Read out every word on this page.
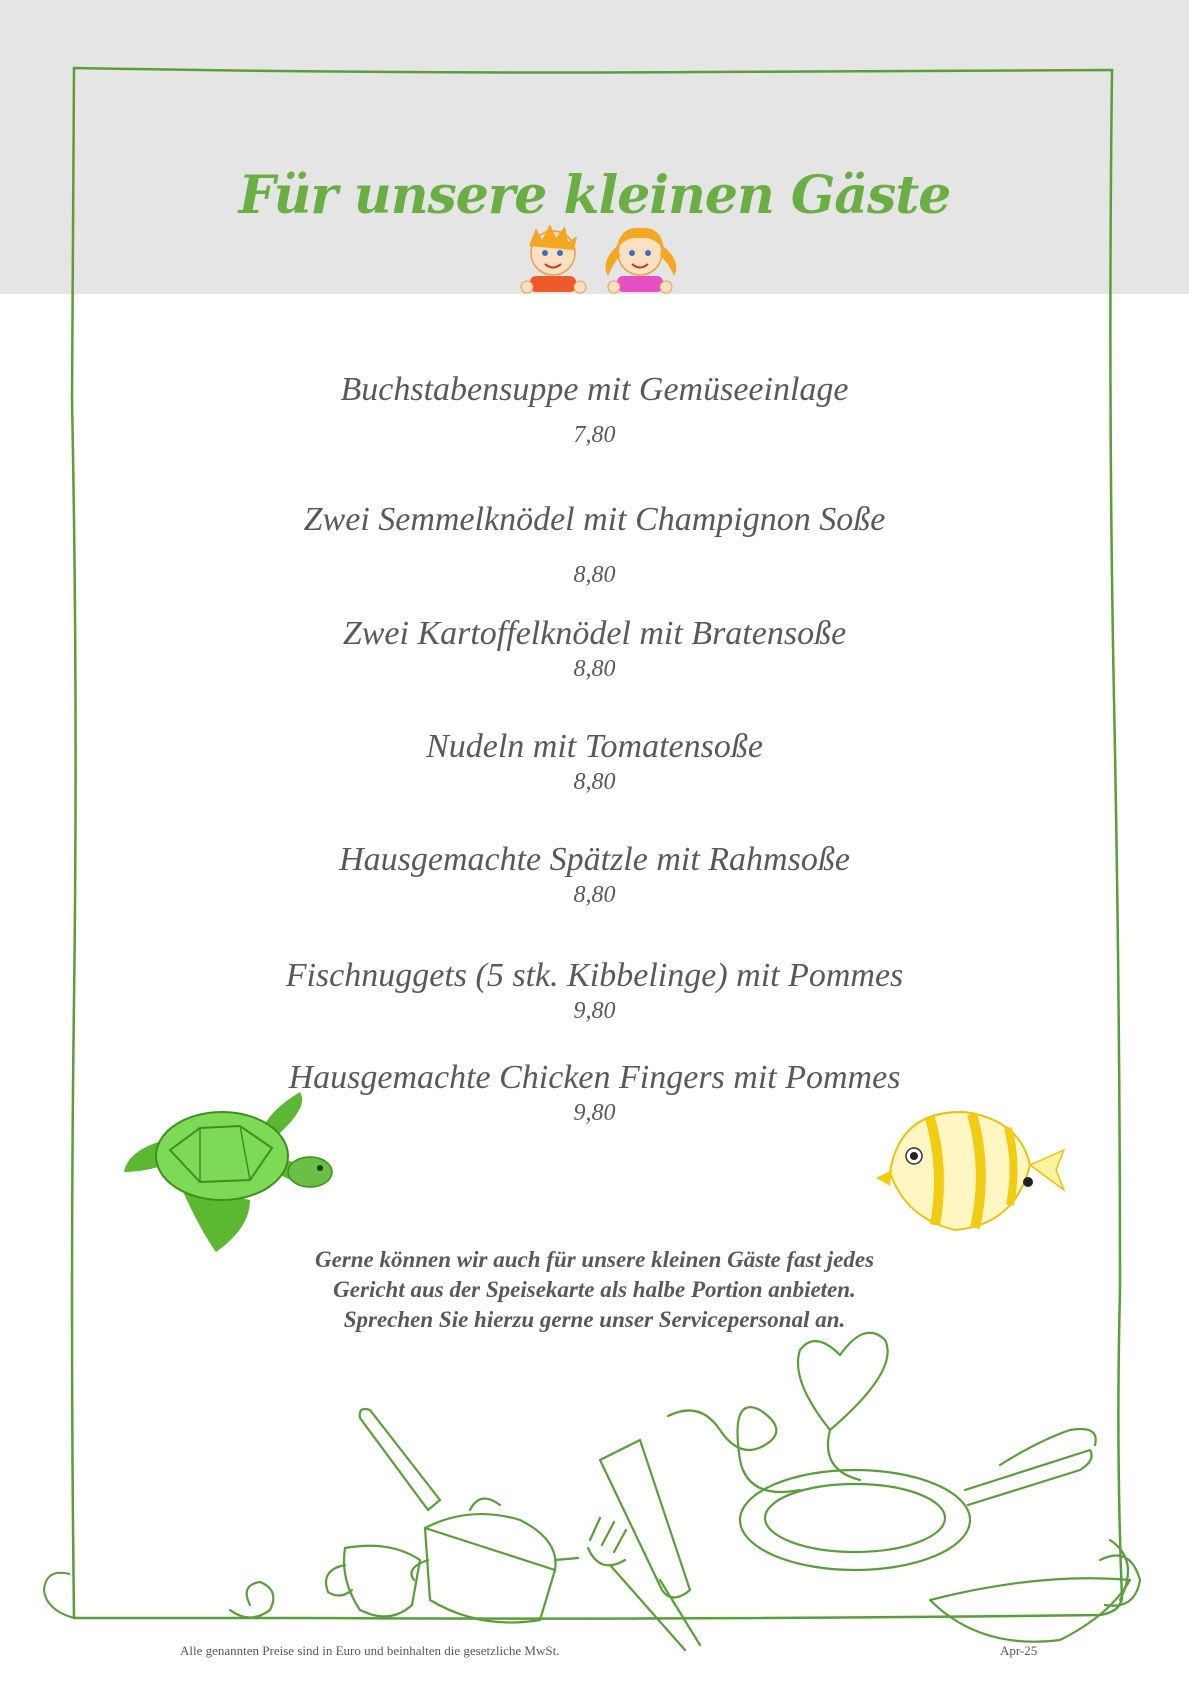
Für unsere kleinen Gäste
Buchstabensuppe mit Gemüseeinlage
7,80
Zwei Semmelknödel mit Champignon Soße
8,80
Zwei Kartoffelknödel mit Bratensoße
8,80
Nudeln mit Tomatensoße
8,80
Hausgemachte Spätzle mit Rahmsoße
8,80
Fischnuggets (5 stk. Kibbelinge) mit Pommes
9,80
Hausgemachte Chicken Fingers mit Pommes
9,80
Gerne können wir auch für unsere kleinen Gäste fast jedes
Gericht aus der Speisekarte als halbe Portion anbieten.
Sprechen Sie hierzu gerne unser Servicepersonal an.
Alle genannten Preise sind in Euro und beinhalten die gesetzliche MwSt.	Apr-25
